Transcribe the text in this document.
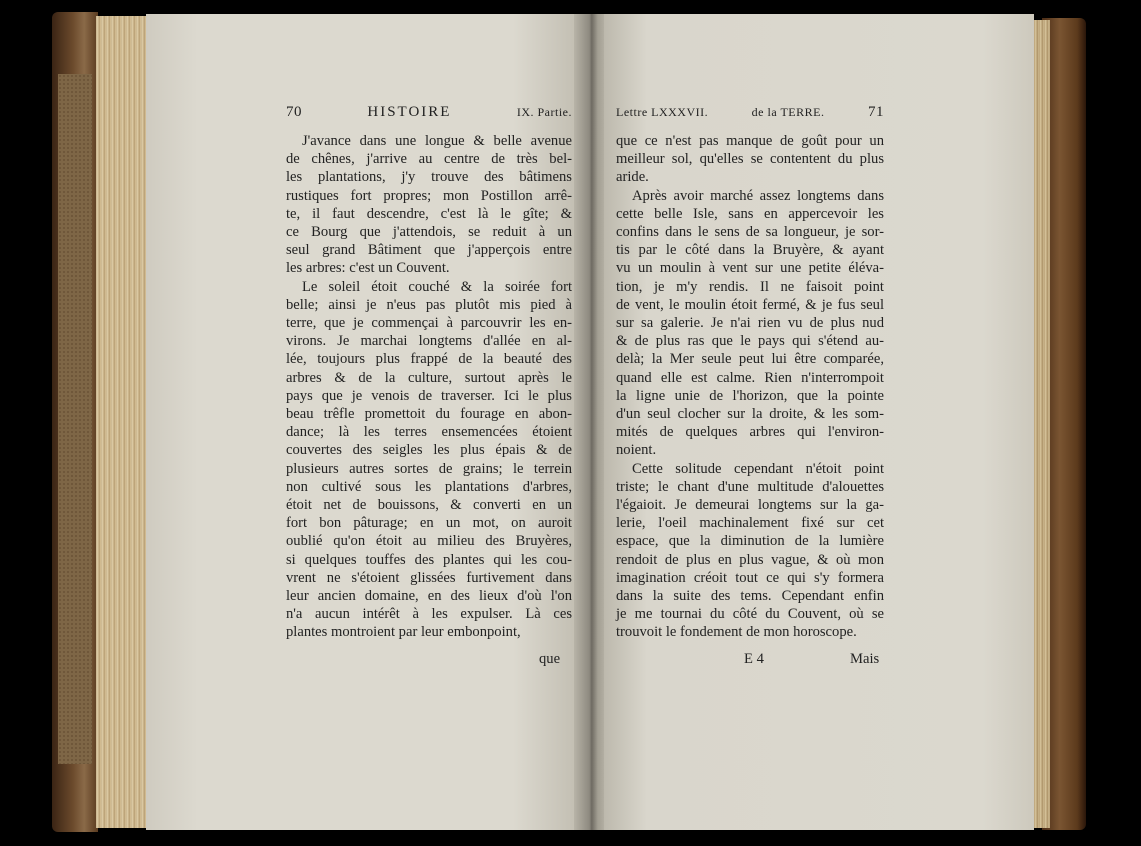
70	HISTOIRE	IX. Partie.
J'avance dans une longue & belle avenue
de chênes, j'arrive au centre de très bel-
les plantations, j'y trouve des bâtimens
rustiques fort propres; mon Postillon arrê-
te, il faut descendre, c'est là le gîte; &
ce Bourg que j'attendois, se reduit à un
seul grand Bâtiment que j'apperçois entre
les arbres: c'est un Couvent.
Le soleil étoit couché & la soirée fort
belle; ainsi je n'eus pas plutôt mis pied à
terre, que je commençai à parcouvrir les en-
virons. Je marchai longtems d'allée en al-
lée, toujours plus frappé de la beauté des
arbres & de la culture, surtout après le
pays que je venois de traverser. Ici le plus
beau trêfle promettoit du fourage en abon-
dance; là les terres ensemencées étoient
couvertes des seigles les plus épais & de
plusieurs autres sortes de grains; le terrein
non cultivé sous les plantations d'arbres,
étoit net de bouissons, & converti en un
fort bon pâturage; en un mot, on auroit
oublié qu'on étoit au milieu des Bruyères,
si quelques touffes des plantes qui les cou-
vrent ne s'étoient glissées furtivement dans
leur ancien domaine, en des lieux d'où l'on
n'a aucun intérêt à les expulser. Là ces
plantes montroient par leur embonpoint,
que
Lettre LXXXVII.	de la TERRE.	71
que ce n'est pas manque de goût pour un
meilleur sol, qu'elles se contentent du plus
aride.
Après avoir marché assez longtems dans
cette belle Isle, sans en appercevoir les
confins dans le sens de sa longueur, je sor-
tis par le côté dans la Bruyère, & ayant
vu un moulin à vent sur une petite éléva-
tion, je m'y rendis. Il ne faisoit point
de vent, le moulin étoit fermé, & je fus seul
sur sa galerie. Je n'ai rien vu de plus nud
& de plus ras que le pays qui s'étend au-
delà; la Mer seule peut lui être comparée,
quand elle est calme. Rien n'interrompoit
la ligne unie de l'horizon, que la pointe
d'un seul clocher sur la droite, & les som-
mités de quelques arbres qui l'environ-
noient.
Cette solitude cependant n'étoit point
triste; le chant d'une multitude d'alouettes
l'égaioit. Je demeurai longtems sur la ga-
lerie, l'oeil machinalement fixé sur cet
espace, que la diminution de la lumière
rendoit de plus en plus vague, & où mon
imagination créoit tout ce qui s'y formera
dans la suite des tems. Cependant enfin
je me tournai du côté du Couvent, où se
trouvoit le fondement de mon horoscope.
E 4	Mais
